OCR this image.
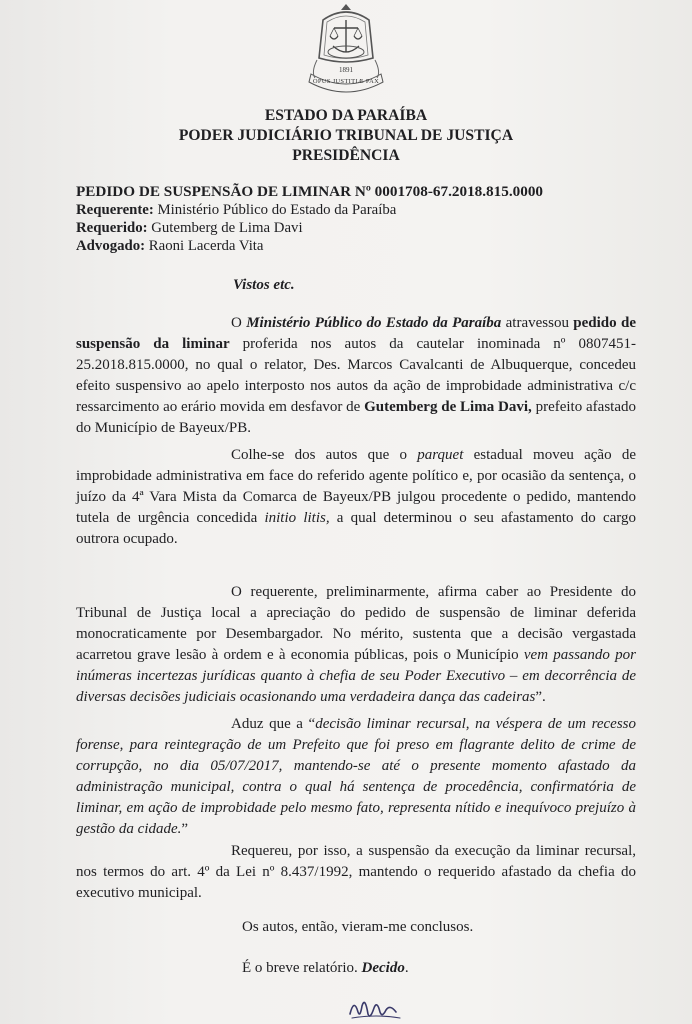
1891
OPUS JUSTITIÆ PAX
ESTADO DA PARAÍBA
PODER JUDICIÁRIO TRIBUNAL DE JUSTIÇA
PRESIDÊNCIA
PEDIDO DE SUSPENSÃO DE LIMINAR Nº 0001708-67.2018.815.0000
Requerente: Ministério Público do Estado da Paraíba
Requerido: Gutemberg de Lima Davi
Advogado: Raoni Lacerda Vita
Vistos etc.

O Ministério Público do Estado da Paraíba atravessou pedido de suspensão da liminar proferida nos autos da cautelar inominada nº 0807451-25.2018.815.0000, no qual o relator, Des. Marcos Cavalcanti de Albuquerque, concedeu efeito suspensivo ao apelo interposto nos autos da ação de improbidade administrativa c/c ressarcimento ao erário movida em desfavor de Gutemberg de Lima Davi, prefeito afastado do Município de Bayeux/PB.

Colhe-se dos autos que o parquet estadual moveu ação de improbidade administrativa em face do referido agente político e, por ocasião da sentença, o juízo da 4ª Vara Mista da Comarca de Bayeux/PB julgou procedente o pedido, mantendo tutela de urgência concedida initio litis, a qual determinou o seu afastamento do cargo outrora ocupado.

O requerente, preliminarmente, afirma caber ao Presidente do Tribunal de Justiça local a apreciação do pedido de suspensão de liminar deferida monocraticamente por Desembargador. No mérito, sustenta que a decisão vergastada acarretou grave lesão à ordem e à economia públicas, pois o Município vem passando por inúmeras incertezas jurídicas quanto à chefia de seu Poder Executivo – em decorrência de diversas decisões judiciais ocasionando uma verdadeira dança das cadeiras”.

Aduz que a “decisão liminar recursal, na véspera de um recesso forense, para reintegração de um Prefeito que foi preso em flagrante delito de crime de corrupção, no dia 05/07/2017, mantendo-se até o presente momento afastado da administração municipal, contra o qual há sentença de procedência, confirmatória de liminar, em ação de improbidade pelo mesmo fato, representa nítido e inequívoco prejuízo à gestão da cidade.”

Requereu, por isso, a suspensão da execução da liminar recursal, nos termos do art. 4º da Lei nº 8.437/1992, mantendo o requerido afastado da chefia do executivo municipal.

Os autos, então, vieram-me conclusos.
É o breve relatório. Decido.
